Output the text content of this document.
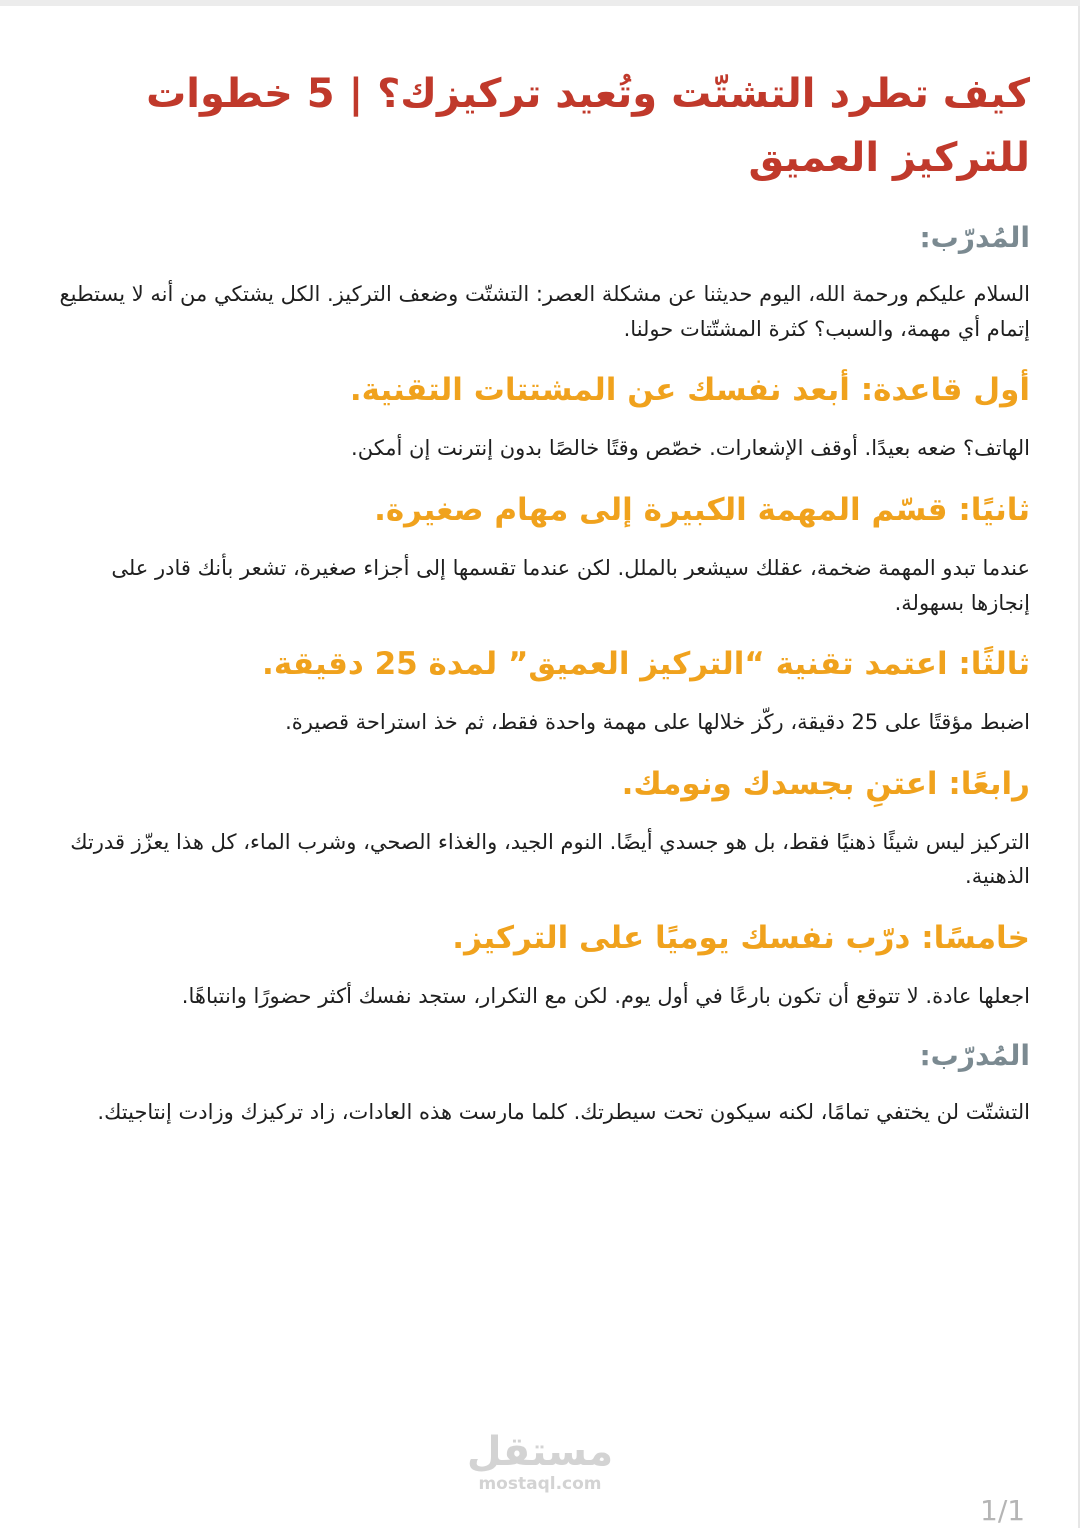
كيف تطرد التشتّت وتُعيد تركيزك؟ | 5 خطوات للتركيز العميق
المُدرّب:

السلام عليكم ورحمة الله، اليوم حديثنا عن مشكلة العصر: التشتّت وضعف التركيز. الكل يشتكي من أنه لا يستطيع إتمام أي مهمة، والسبب؟ كثرة المشتّتات حولنا.

أول قاعدة: أبعد نفسك عن المشتتات التقنية.

الهاتف؟ ضعه بعيدًا. أوقف الإشعارات. خصّص وقتًا خالصًا بدون إنترنت إن أمكن.

ثانيًا: قسّم المهمة الكبيرة إلى مهام صغيرة.

عندما تبدو المهمة ضخمة، عقلك سيشعر بالملل. لكن عندما تقسمها إلى أجزاء صغيرة، تشعر بأنك قادر على إنجازها بسهولة.

ثالثًا: اعتمد تقنية “التركيز العميق” لمدة 25 دقيقة.

اضبط مؤقتًا على 25 دقيقة، ركّز خلالها على مهمة واحدة فقط، ثم خذ استراحة قصيرة.

رابعًا: اعتنِ بجسدك ونومك.

التركيز ليس شيئًا ذهنيًا فقط، بل هو جسدي أيضًا. النوم الجيد، والغذاء الصحي، وشرب الماء، كل هذا يعزّز قدرتك الذهنية.

خامسًا: درّب نفسك يوميًا على التركيز.

اجعلها عادة. لا تتوقع أن تكون بارعًا في أول يوم. لكن مع التكرار، ستجد نفسك أكثر حضورًا وانتباهًا.

المُدرّب:

التشتّت لن يختفي تمامًا، لكنه سيكون تحت سيطرتك. كلما مارست هذه العادات، زاد تركيزك وزادت إنتاجيتك.

مستقل
mostaql.com
1/1
